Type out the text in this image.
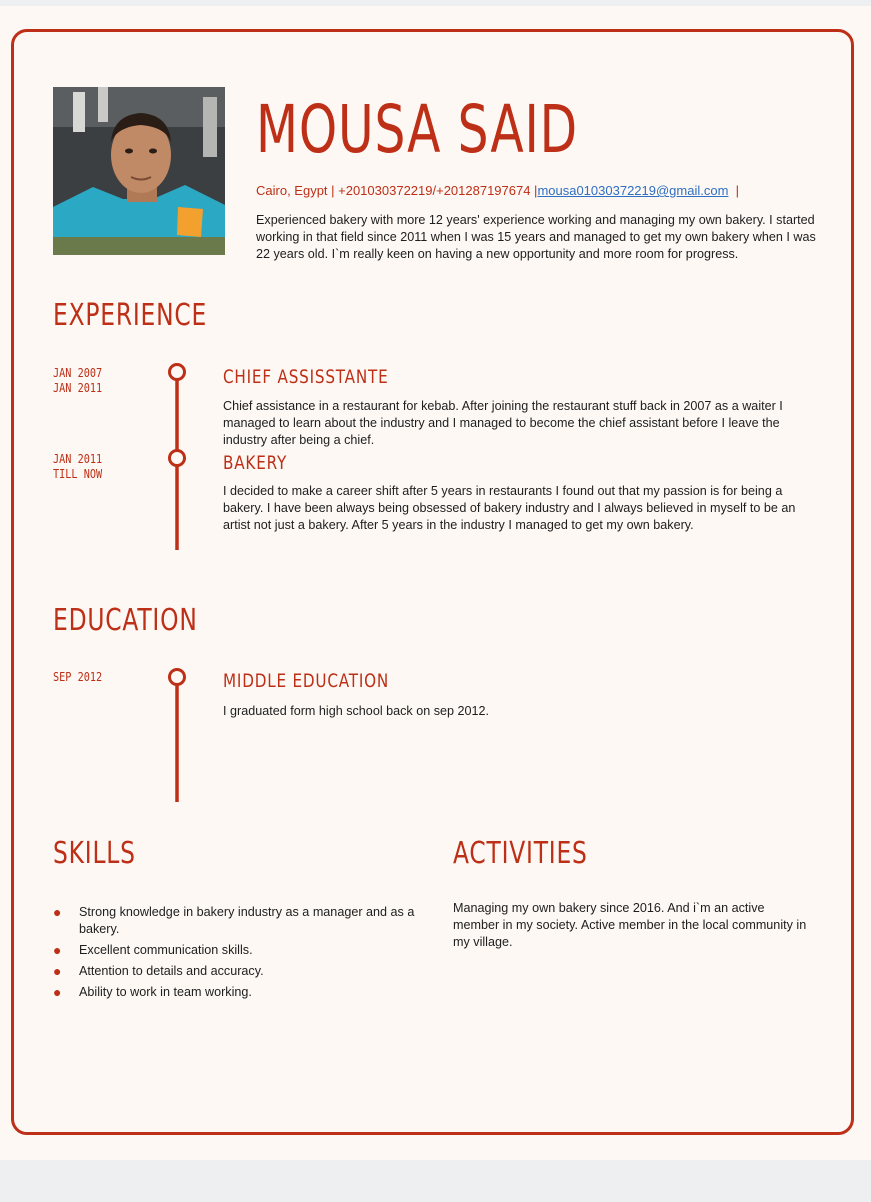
MOUSA SAID
Cairo, Egypt | +201030372219/+201287197674 |mousa01030372219@gmail.com |
Experienced bakery with more 12 years' experience working and managing my own bakery. I started working in that field since 2011 when I was 15 years and managed to get my own bakery when I was 22 years old. I`m really keen on having a new opportunity and more room for progress.
EXPERIENCE
JAN 2007
JAN 2011	CHIEF ASSISSTANTE
Chief assistance in a restaurant for kebab. After joining the restaurant stuff back in 2007 as a waiter I managed to learn about the industry and I managed to become the chief assistant before I leave the industry after being a chief.
JAN 2011
TILL NOW	BAKERY
I decided to make a career shift after 5 years in restaurants I found out that my passion is for being a bakery. I have been always being obsessed of bakery industry and I always believed in myself to be an artist not just a bakery. After 5 years in the industry I managed to get my own bakery.
EDUCATION
SEP 2012	MIDDLE EDUCATION
I graduated form high school back on sep 2012.
SKILLS
● Strong knowledge in bakery industry as a manager and as a bakery.
● Excellent communication skills.
● Attention to details and accuracy.
● Ability to work in team working.
ACTIVITIES
Managing my own bakery since 2016. And i`m an active member in my society. Active member in the local community in my village.
